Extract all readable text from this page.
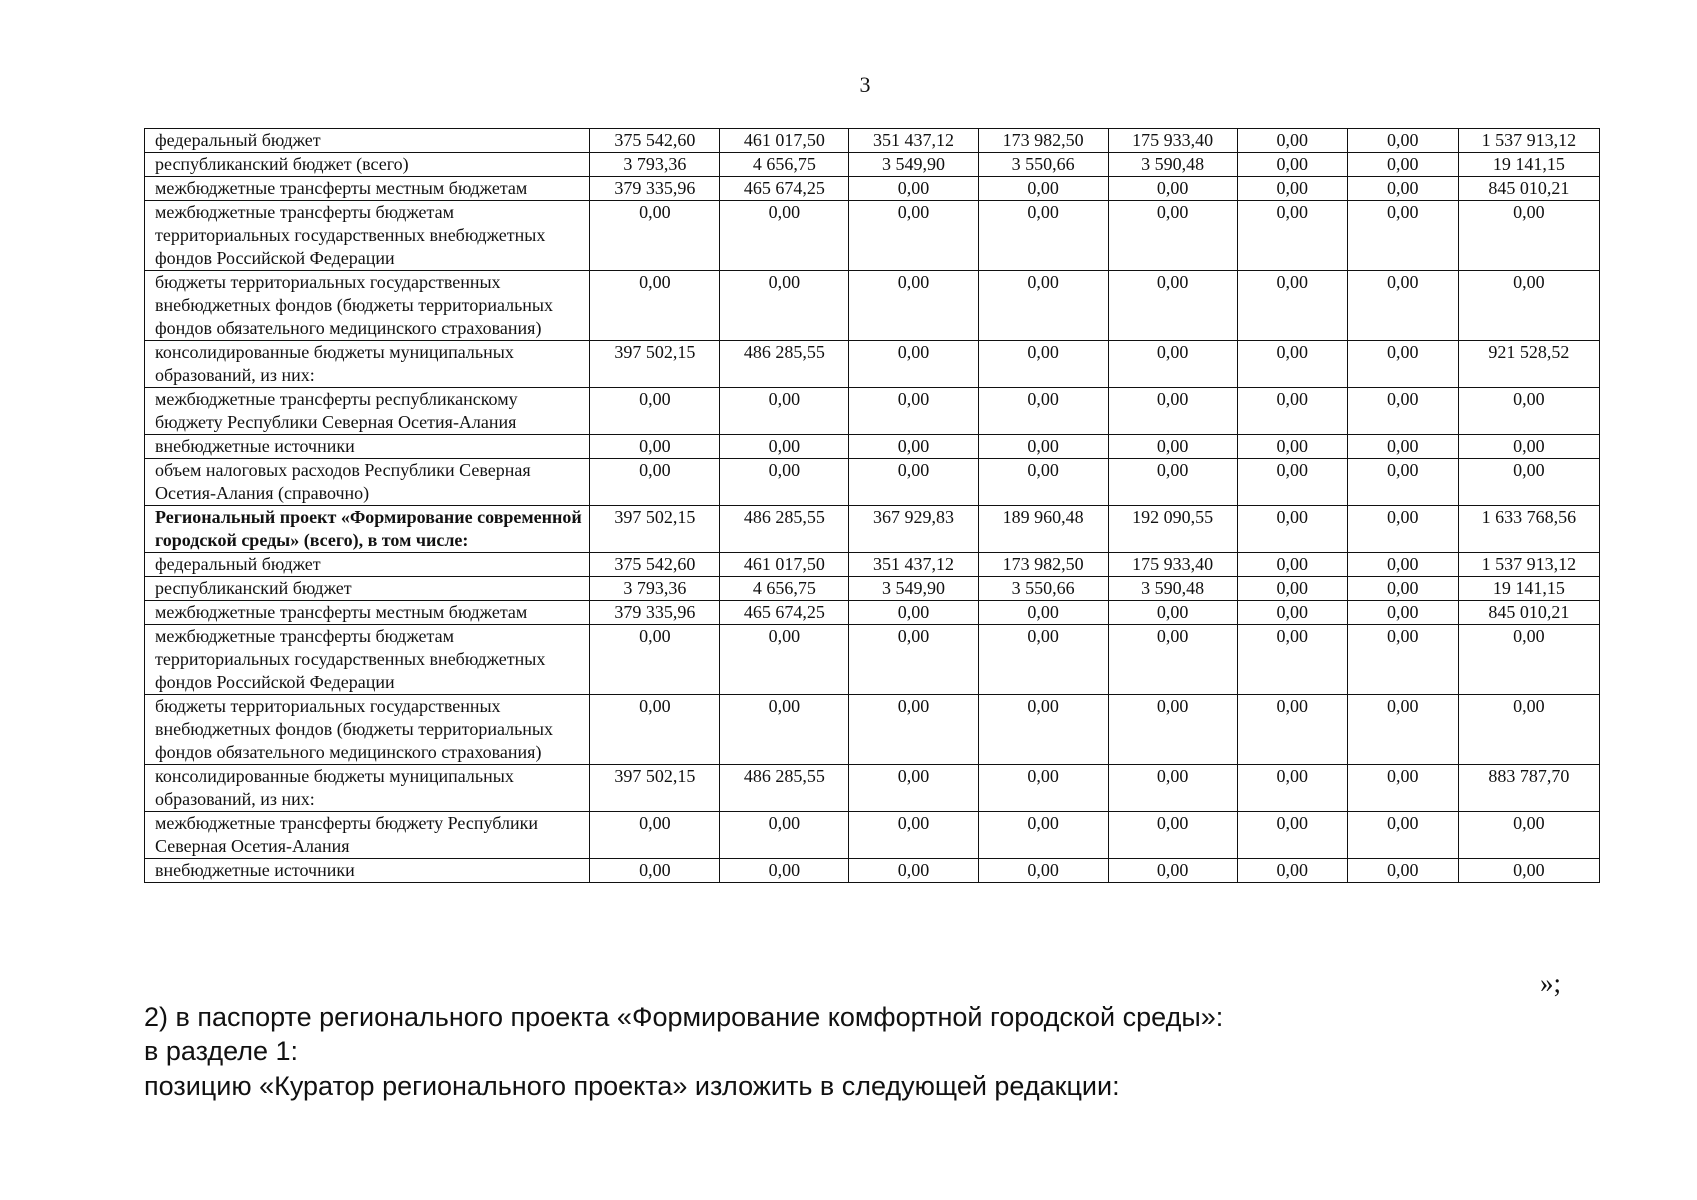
3
федеральный бюджет	375 542,60	461 017,50	351 437,12	173 982,50	175 933,40	0,00	0,00	1 537 913,12
республиканский бюджет (всего)	3 793,36	4 656,75	3 549,90	3 550,66	3 590,48	0,00	0,00	19 141,15
межбюджетные трансферты местным бюджетам	379 335,96	465 674,25	0,00	0,00	0,00	0,00	0,00	845 010,21
межбюджетные трансферты бюджетам территориальных государственных внебюджетных фондов Российской Федерации	0,00	0,00	0,00	0,00	0,00	0,00	0,00	0,00
бюджеты территориальных государственных внебюджетных фондов (бюджеты территориальных фондов обязательного медицинского страхования)	0,00	0,00	0,00	0,00	0,00	0,00	0,00	0,00
консолидированные бюджеты муниципальных образований, из них:	397 502,15	486 285,55	0,00	0,00	0,00	0,00	0,00	921 528,52
межбюджетные трансферты республиканскому бюджету Республики Северная Осетия-Алания	0,00	0,00	0,00	0,00	0,00	0,00	0,00	0,00
внебюджетные источники	0,00	0,00	0,00	0,00	0,00	0,00	0,00	0,00
объем налоговых расходов Республики Северная Осетия-Алания (справочно)	0,00	0,00	0,00	0,00	0,00	0,00	0,00	0,00
Региональный проект «Формирование современной городской среды» (всего), в том числе:	397 502,15	486 285,55	367 929,83	189 960,48	192 090,55	0,00	0,00	1 633 768,56
федеральный бюджет	375 542,60	461 017,50	351 437,12	173 982,50	175 933,40	0,00	0,00	1 537 913,12
республиканский бюджет	3 793,36	4 656,75	3 549,90	3 550,66	3 590,48	0,00	0,00	19 141,15
межбюджетные трансферты местным бюджетам	379 335,96	465 674,25	0,00	0,00	0,00	0,00	0,00	845 010,21
межбюджетные трансферты бюджетам территориальных государственных внебюджетных фондов Российской Федерации	0,00	0,00	0,00	0,00	0,00	0,00	0,00	0,00
бюджеты территориальных государственных внебюджетных фондов (бюджеты территориальных фондов обязательного медицинского страхования)	0,00	0,00	0,00	0,00	0,00	0,00	0,00	0,00
консолидированные бюджеты муниципальных образований, из них:	397 502,15	486 285,55	0,00	0,00	0,00	0,00	0,00	883 787,70
межбюджетные трансферты бюджету Республики Северная Осетия-Алания	0,00	0,00	0,00	0,00	0,00	0,00	0,00	0,00
внебюджетные источники	0,00	0,00	0,00	0,00	0,00	0,00	0,00	0,00
»;
2) в паспорте регионального проекта «Формирование комфортной городской среды»:
в разделе 1:
позицию «Куратор регионального проекта» изложить в следующей редакции:
